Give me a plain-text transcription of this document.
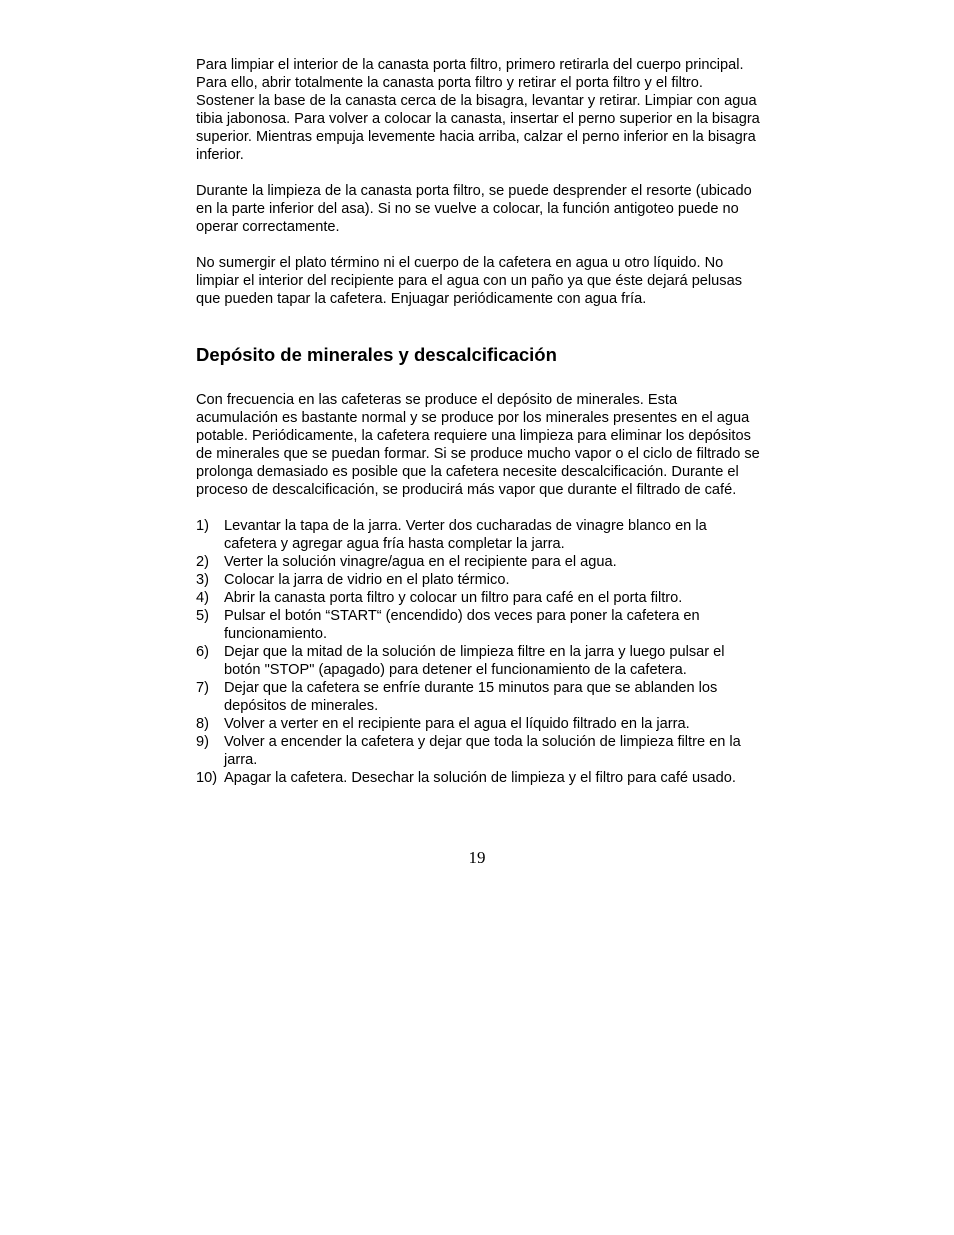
Para limpiar el interior de la canasta porta filtro, primero retirarla del cuerpo principal. Para ello, abrir totalmente la canasta porta filtro y retirar el porta filtro y el filtro. Sostener la base de la canasta cerca de la bisagra, levantar y retirar. Limpiar con agua tibia jabonosa. Para volver a colocar la canasta, insertar el perno superior en la bisagra superior. Mientras empuja levemente hacia arriba, calzar el perno inferior en la bisagra inferior.

Durante la limpieza de la canasta porta filtro, se puede desprender el resorte (ubicado en la parte inferior del asa). Si no se vuelve a colocar, la función antigoteo puede no operar correctamente.

No sumergir el plato término ni el cuerpo de la cafetera en agua u otro líquido. No limpiar el interior del recipiente para el agua con un paño ya que éste dejará pelusas que pueden tapar la cafetera. Enjuagar periódicamente con agua fría.

Depósito de minerales y descalcificación

Con frecuencia en las cafeteras se produce el depósito de minerales. Esta acumulación es bastante normal y se produce por los minerales presentes en el agua potable. Periódicamente, la cafetera requiere una limpieza para eliminar los depósitos de minerales que se puedan formar. Si se produce mucho vapor o el ciclo de filtrado se prolonga demasiado es posible que la cafetera necesite descalcificación. Durante el proceso de descalcificación, se producirá más vapor que durante el filtrado de café.

1)	Levantar la tapa de la jarra. Verter dos cucharadas de vinagre blanco en la cafetera y agregar agua fría hasta completar la jarra.
2)	Verter la solución vinagre/agua en el recipiente para el agua.
3)	Colocar la jarra de vidrio en el plato térmico.
4)	Abrir la canasta porta filtro y colocar un filtro para café en el porta filtro.
5)	Pulsar el botón “START“ (encendido) dos veces para poner la cafetera en funcionamiento.
6)	Dejar que la mitad de la solución de limpieza filtre en la jarra y luego pulsar el botón "STOP" (apagado) para detener el funcionamiento de la cafetera.
7)	Dejar que la cafetera se enfríe durante 15 minutos para que se ablanden los depósitos de minerales.
8)	Volver a verter en el recipiente para el agua el líquido filtrado en la jarra.
9)	Volver a encender la cafetera y dejar que toda la solución de limpieza filtre en la jarra.
10) Apagar la cafetera. Desechar la solución de limpieza y el filtro para café usado.
19
